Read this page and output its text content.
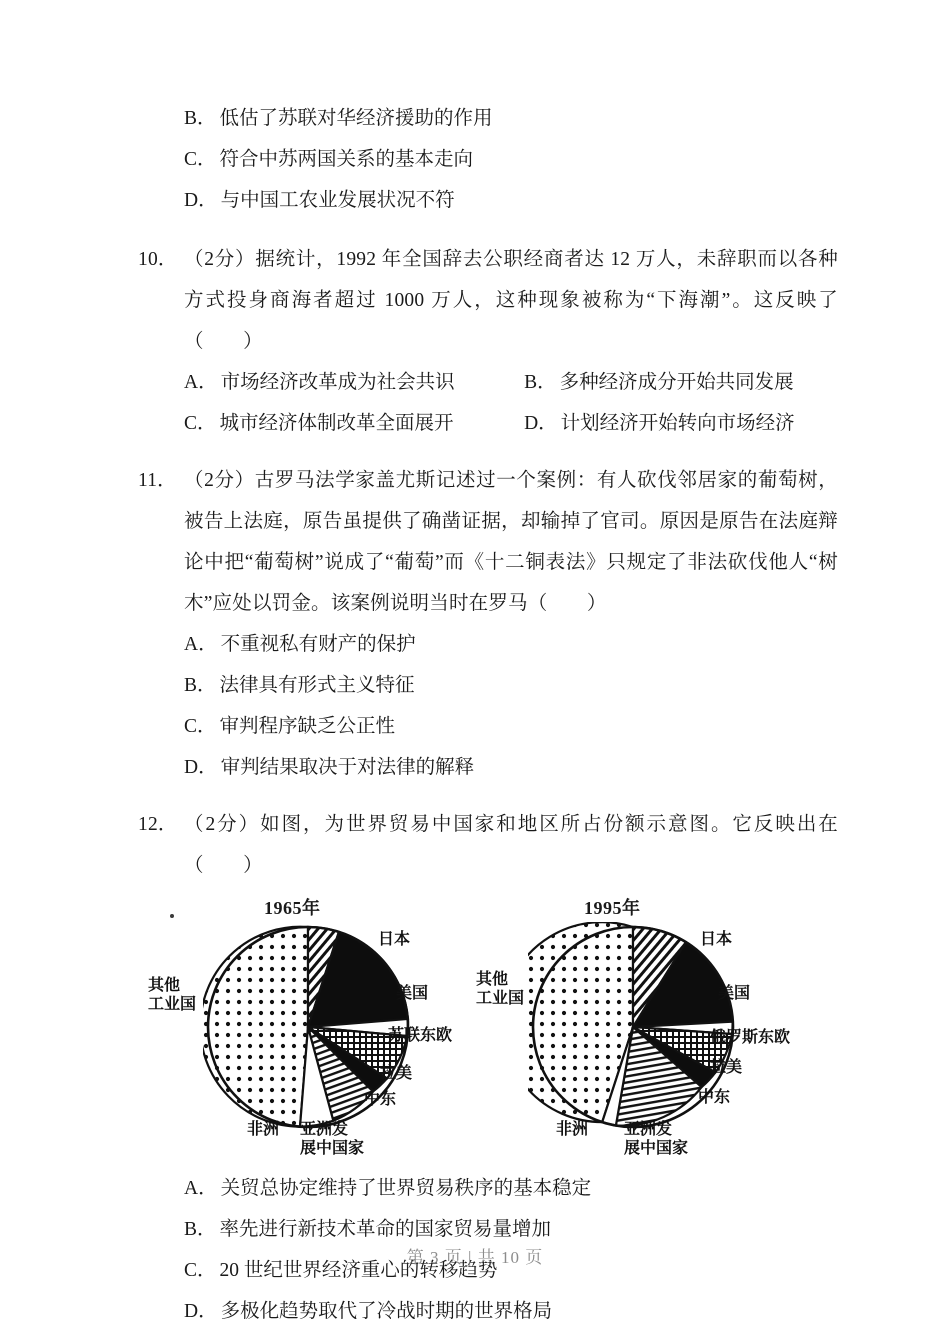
B． 低估了苏联对华经济援助的作用
C． 符合中苏两国关系的基本走向
D． 与中国工农业发展状况不符
10． （2分）据统计，1992 年全国辞去公职经商者达 12 万人，未辞职而以各种方式投身商海者超过 1000 万人，这种现象被称为“下海潮”。这反映了（　　）
A． 市场经济改革成为社会共识	B． 多种经济成分开始共同发展
C． 城市经济体制改革全面展开	D． 计划经济开始转向市场经济
11． （2分）古罗马法学家盖尤斯记述过一个案例：有人砍伐邻居家的葡萄树，被告上法庭，原告虽提供了确凿证据，却输掉了官司。原因是原告在法庭辩论中把“葡萄树”说成了“葡萄”而《十二铜表法》只规定了非法砍伐他人“树木”应处以罚金。该案例说明当时在罗马（　　）
A． 不重视私有财产的保护
B． 法律具有形式主义特征
C． 审判程序缺乏公正性
D． 审判结果取决于对法律的解释
12． （2分）如图，为世界贸易中国家和地区所占份额示意图。它反映出在（　　）
1965年
日本
美国
苏联东欧
拉美
中东
非洲 亚洲发
展中国家
其他
工业国
1995年
日本
美国
俄罗斯东欧
拉美
中东
非洲 亚洲发
展中国家
其他
工业国
A． 关贸总协定维持了世界贸易秩序的基本稳定
B． 率先进行新技术革命的国家贸易量增加
C． 20 世纪世界经济重心的转移趋势
D． 多极化趋势取代了冷战时期的世界格局
第 3 页 | 共 10 页
